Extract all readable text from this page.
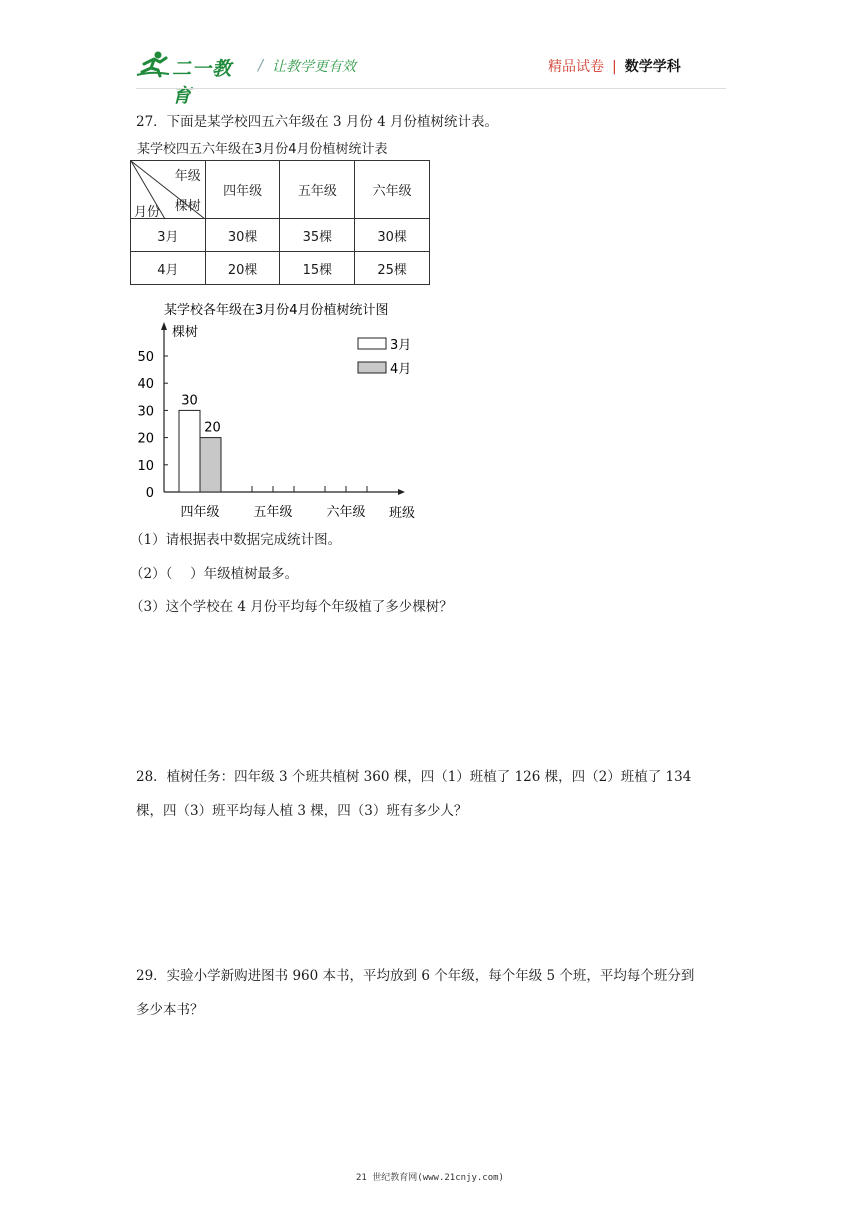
二一教育
/ 让教学更有效	精品试卷 | 数学学科
27．下面是某学校四五六年级在 3 月份 4 月份植树统计表。
某学校四五六年级在3月份4月份植树统计表
年级
棵树
月份	四年级	五年级	六年级
3月	30棵	35棵	30棵
4月	20棵	15棵	25棵
某学校各年级在3月份4月份植树统计图
棵树
班级
0
10
20
30
40
50
四年级	五年级	六年级
30
20
3月
4月
（1）请根据表中数据完成统计图。
（2）（　 ）年级植树最多。
（3）这个学校在 4 月份平均每个年级植了多少棵树？
28．植树任务：四年级 3 个班共植树 360 棵，四（1）班植了 126 棵，四（2）班植了 134
棵，四（3）班平均每人植 3 棵，四（3）班有多少人？
29．实验小学新购进图书 960 本书，平均放到 6 个年级，每个年级 5 个班，平均每个班分到
多少本书？
21 世纪教育网(www.21cnjy.com)
